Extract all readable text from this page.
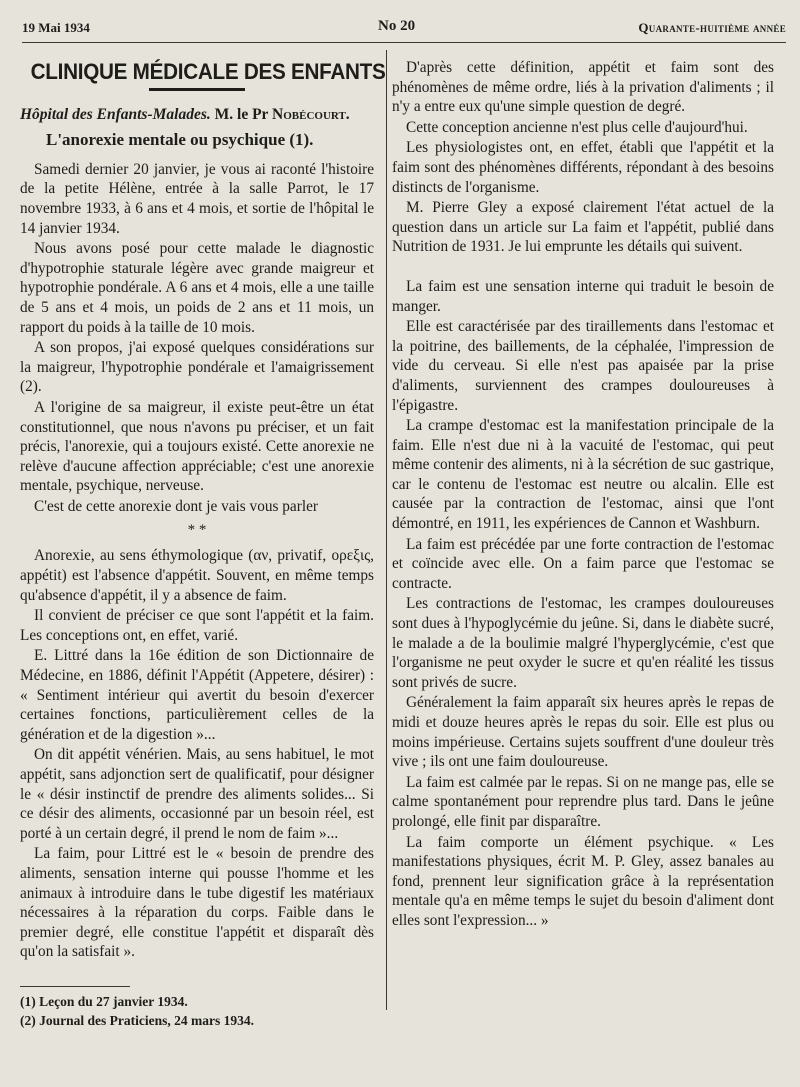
19 Mai 1934	No 20	Quarante-huitième année
CLINIQUE MÉDICALE DES ENFANTS
Hôpital des Enfants-Malades. M. le Pr Nobécourt.
L'anorexie mentale ou psychique (1).

Samedi dernier 20 janvier, je vous ai raconté l'histoire de la petite Hélène, entrée à la salle Parrot, le 17 novembre 1933, à 6 ans et 4 mois, et sortie de l'hôpital le 14 janvier 1934.

Nous avons posé pour cette malade le diagnostic d'hypotrophie staturale légère avec grande maigreur et hypotrophie pondérale. A 6 ans et 4 mois, elle a une taille de 5 ans et 4 mois, un poids de 2 ans et 11 mois, un rapport du poids à la taille de 10 mois.

A son propos, j'ai exposé quelques considérations sur la maigreur, l'hypotrophie pondérale et l'amaigrissement (2).

A l'origine de sa maigreur, il existe peut-être un état constitutionnel, que nous n'avons pu préciser, et un fait précis, l'anorexie, qui a toujours existé. Cette anorexie ne relève d'aucune affection appréciable; c'est une anorexie mentale, psychique, nerveuse.

C'est de cette anorexie dont je vais vous parler

* *

Anorexie, au sens éthymologique (αν, privatif, ορεξις, appétit) est l'absence d'appétit. Souvent, en même temps qu'absence d'appétit, il y a absence de faim.

Il convient de préciser ce que sont l'appétit et la faim. Les conceptions ont, en effet, varié.

E. Littré dans la 16e édition de son Dictionnaire de Médecine, en 1886, définit l'Appétit (Appetere, désirer) : « Sentiment intérieur qui avertit du besoin d'exercer certaines fonctions, particulièrement celles de la génération et de la digestion »...

On dit appétit vénérien. Mais, au sens habituel, le mot appétit, sans adjonction sert de qualificatif, pour désigner le « désir instinctif de prendre des aliments solides... Si ce désir des aliments, occasionné par un besoin réel, est porté à un certain degré, il prend le nom de faim »...

La faim, pour Littré est le « besoin de prendre des aliments, sensation interne qui pousse l'homme et les animaux à introduire dans le tube digestif les matériaux nécessaires à la réparation du corps. Faible dans le premier degré, elle constitue l'appétit et disparaît dès qu'on la satisfait ».

(1) Leçon du 27 janvier 1934.

(2) Journal des Praticiens, 24 mars 1934.

D'après cette définition, appétit et faim sont des phénomènes de même ordre, liés à la privation d'aliments ; il n'y a entre eux qu'une simple question de degré.

Cette conception ancienne n'est plus celle d'aujourd'hui.

Les physiologistes ont, en effet, établi que l'appétit et la faim sont des phénomènes différents, répondant à des besoins distincts de l'organisme.

M. Pierre Gley a exposé clairement l'état actuel de la question dans un article sur La faim et l'appétit, publié dans Nutrition de 1931. Je lui emprunte les détails qui suivent.

La faim est une sensation interne qui traduit le besoin de manger.

Elle est caractérisée par des tiraillements dans l'estomac et la poitrine, des baillements, de la céphalée, l'impression de vide du cerveau. Si elle n'est pas apaisée par la prise d'aliments, surviennent des crampes douloureuses à l'épigastre.

La crampe d'estomac est la manifestation principale de la faim. Elle n'est due ni à la vacuité de l'estomac, qui peut même contenir des aliments, ni à la sécrétion de suc gastrique, car le contenu de l'estomac est neutre ou alcalin. Elle est causée par la contraction de l'estomac, ainsi que l'ont démontré, en 1911, les expériences de Cannon et Washburn.

La faim est précédée par une forte contraction de l'estomac et coïncide avec elle. On a faim parce que l'estomac se contracte.

Les contractions de l'estomac, les crampes douloureuses sont dues à l'hypoglycémie du jeûne. Si, dans le diabète sucré, le malade a de la boulimie malgré l'hyperglycémie, c'est que l'organisme ne peut oxyder le sucre et qu'en réalité les tissus sont privés de sucre.

Généralement la faim apparaît six heures après le repas de midi et douze heures après le repas du soir. Elle est plus ou moins impérieuse. Certains sujets souffrent d'une douleur très vive ; ils ont une faim douloureuse.

La faim est calmée par le repas. Si on ne mange pas, elle se calme spontanément pour reprendre plus tard. Dans le jeûne prolongé, elle finit par disparaître.

La faim comporte un élément psychique. « Les manifestations physiques, écrit M. P. Gley, assez banales au fond, prennent leur signification grâce à la représentation mentale qu'a en même temps le sujet du besoin d'aliment dont elles sont l'expression... »
